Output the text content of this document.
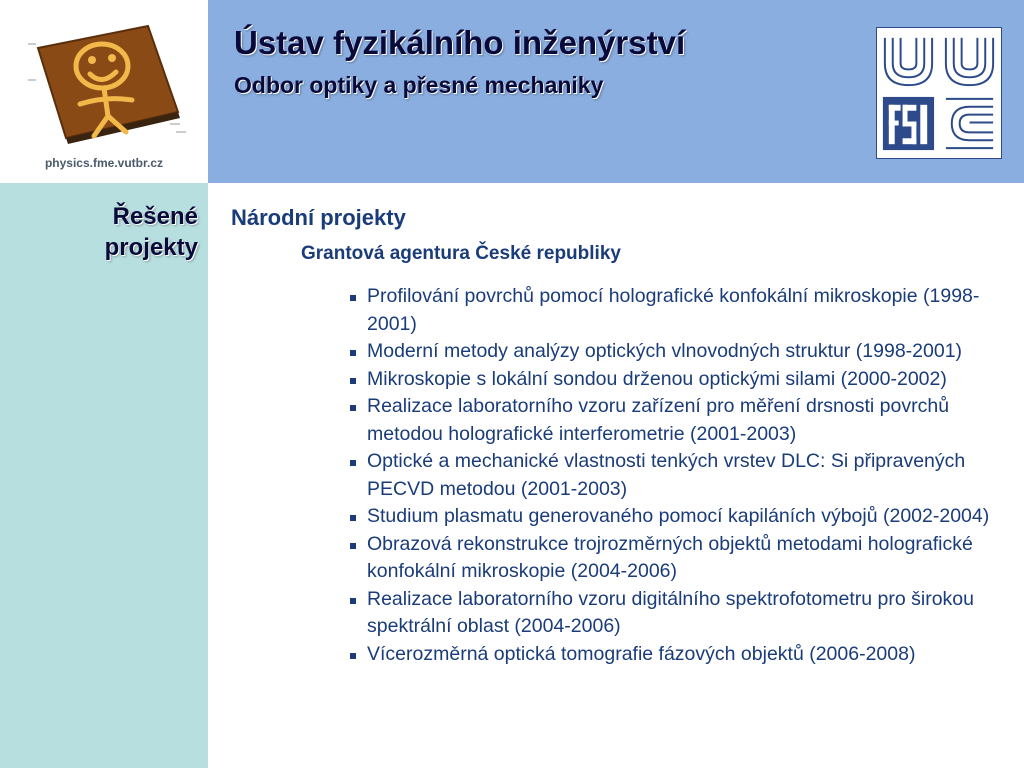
physics.fme.vutbr.cz
Ústav fyzikálního inženýrství
Odbor optiky a přesné mechaniky
Řešené
projekty
Národní projekty
Grantová agentura České republiky
Profilování povrchů pomocí holografické konfokální mikroskopie (1998-2001)
Moderní metody analýzy optických vlnovodných struktur (1998-2001)
Mikroskopie s lokální sondou drženou optickými silami (2000-2002)
Realizace laboratorního vzoru zařízení pro měření drsnosti povrchů metodou holografické interferometrie (2001-2003)
Optické a mechanické vlastnosti tenkých vrstev DLC: Si připravených PECVD metodou (2001-2003)
Studium plasmatu generovaného pomocí kapiláních výbojů (2002-2004)
Obrazová rekonstrukce trojrozměrných objektů metodami holografické konfokální mikroskopie (2004-2006)
Realizace laboratorního vzoru digitálního spektrofotometru pro širokou spektrální oblast (2004-2006)
Vícerozměrná optická tomografie fázových objektů (2006-2008)
